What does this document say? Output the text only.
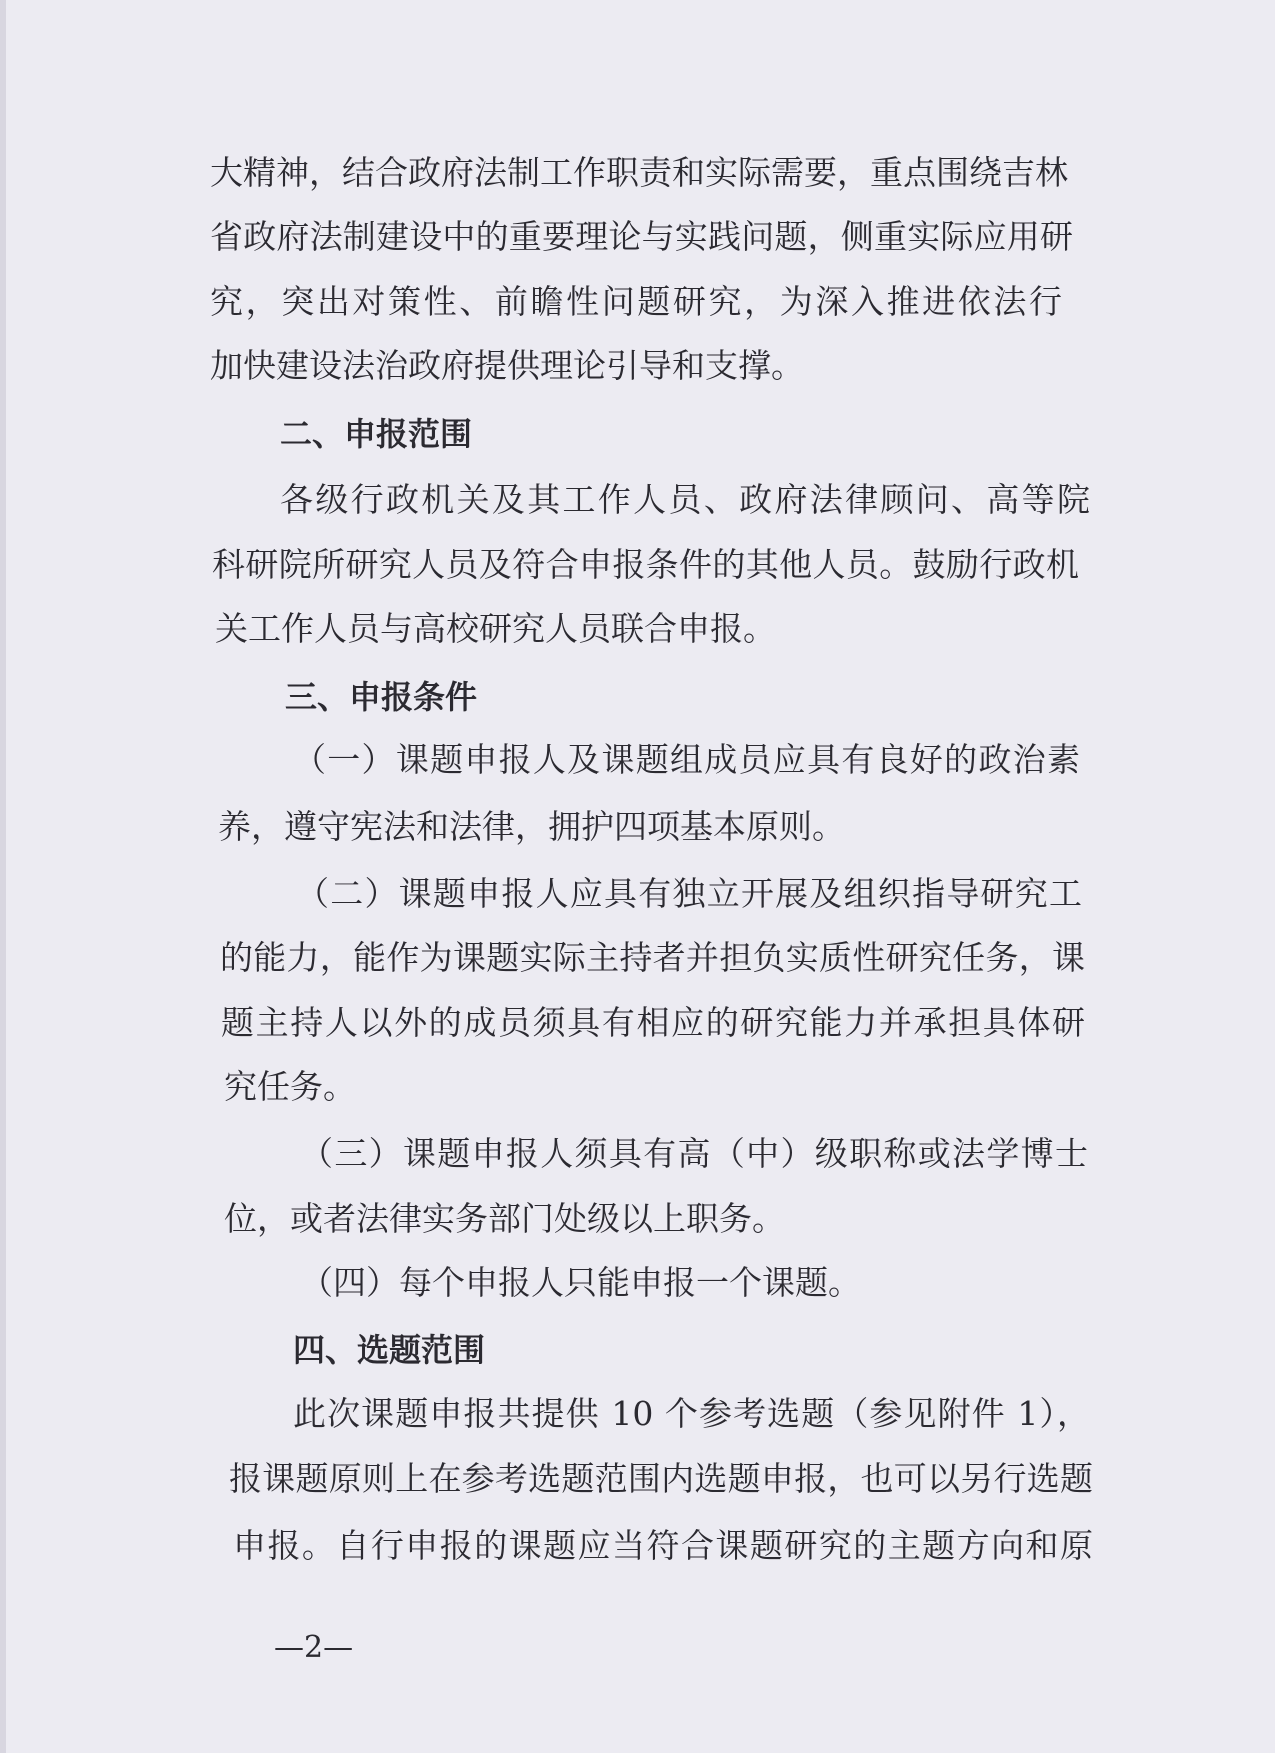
大精神，结合政府法制工作职责和实际需要，重点围绕吉林
省政府法制建设中的重要理论与实践问题，侧重实际应用研
究，突出对策性、前瞻性问题研究，为深入推进依法行
加快建设法治政府提供理论引导和支撑。
二、申报范围
各级行政机关及其工作人员、政府法律顾问、高等院
科研院所研究人员及符合申报条件的其他人员。鼓励行政机
关工作人员与高校研究人员联合申报。
三、申报条件
（一）课题申报人及课题组成员应具有良好的政治素
养，遵守宪法和法律，拥护四项基本原则。
（二）课题申报人应具有独立开展及组织指导研究工
的能力，能作为课题实际主持者并担负实质性研究任务，课
题主持人以外的成员须具有相应的研究能力并承担具体研
究任务。
（三）课题申报人须具有高（中）级职称或法学博士
位，或者法律实务部门处级以上职务。
（四）每个申报人只能申报一个课题。
四、选题范围
此次课题申报共提供 10 个参考选题（参见附件 1），
报课题原则上在参考选题范围内选题申报，也可以另行选题
申报。自行申报的课题应当符合课题研究的主题方向和原
—2—
